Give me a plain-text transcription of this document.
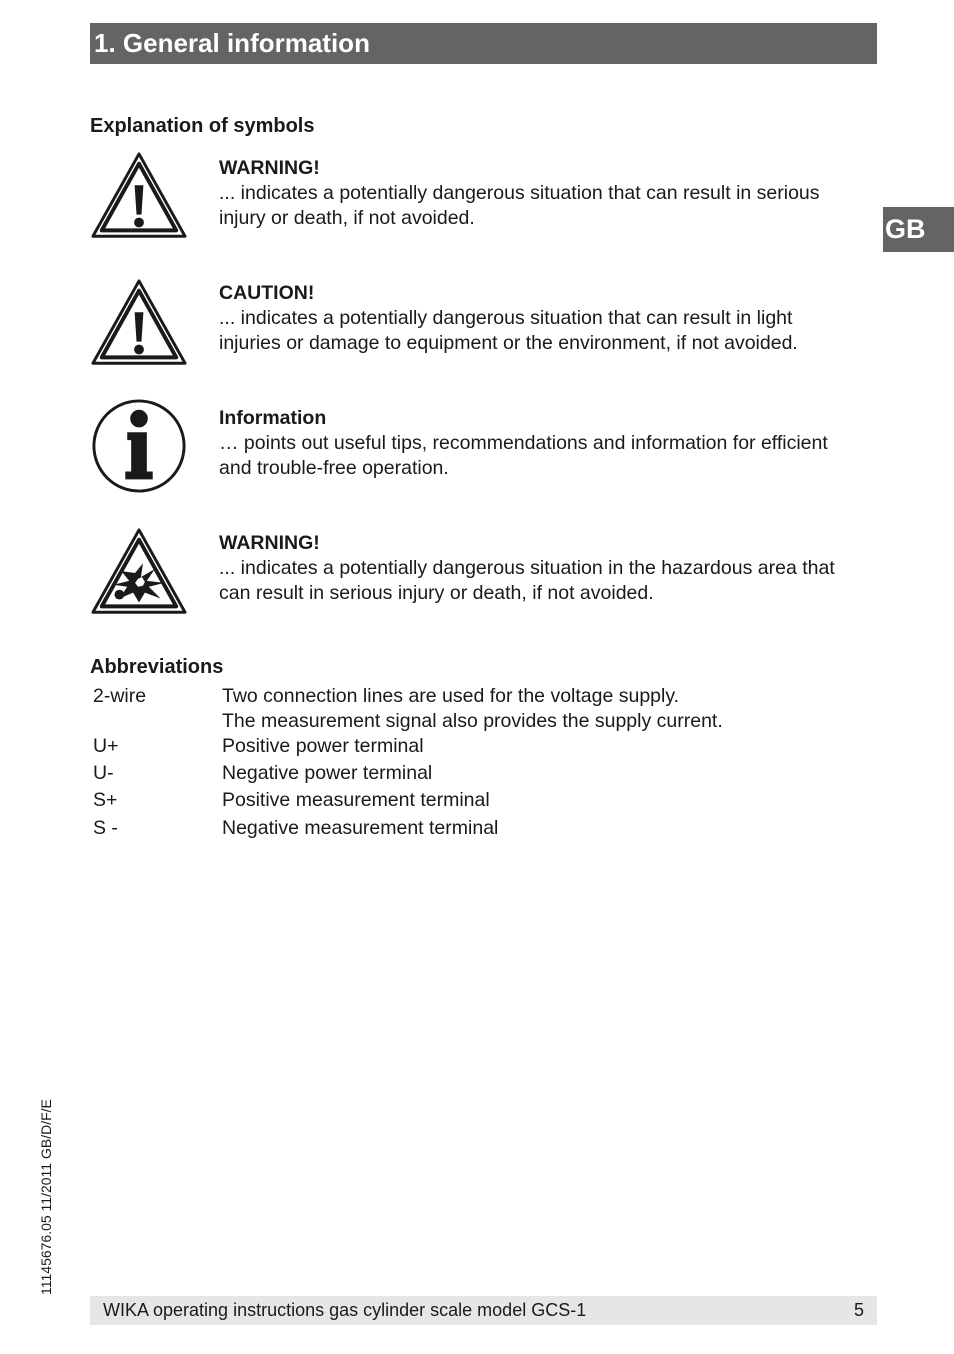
1. General information
GB
Explanation of symbols
WARNING!
... indicates a potentially dangerous situation that can result in serious
injury or death, if not avoided.
CAUTION!
... indicates a potentially dangerous situation that can result in light
injuries or damage to equipment or the environment, if not avoided.
Information
… points out useful tips, recommendations and information for efficient
and trouble-free operation.
WARNING!
... indicates a potentially dangerous situation in the hazardous area that
can result in serious injury or death, if not avoided.
Abbreviations
2-wire	Two connection lines are used for the voltage supply.
The measurement signal also provides the supply current.
U+	Positive power terminal
U-	Negative power terminal
S+	Positive measurement terminal
S -	Negative measurement terminal
11145676.05 11/2011 GB/D/F/E
WIKA operating instructions gas cylinder scale model GCS-1	5
